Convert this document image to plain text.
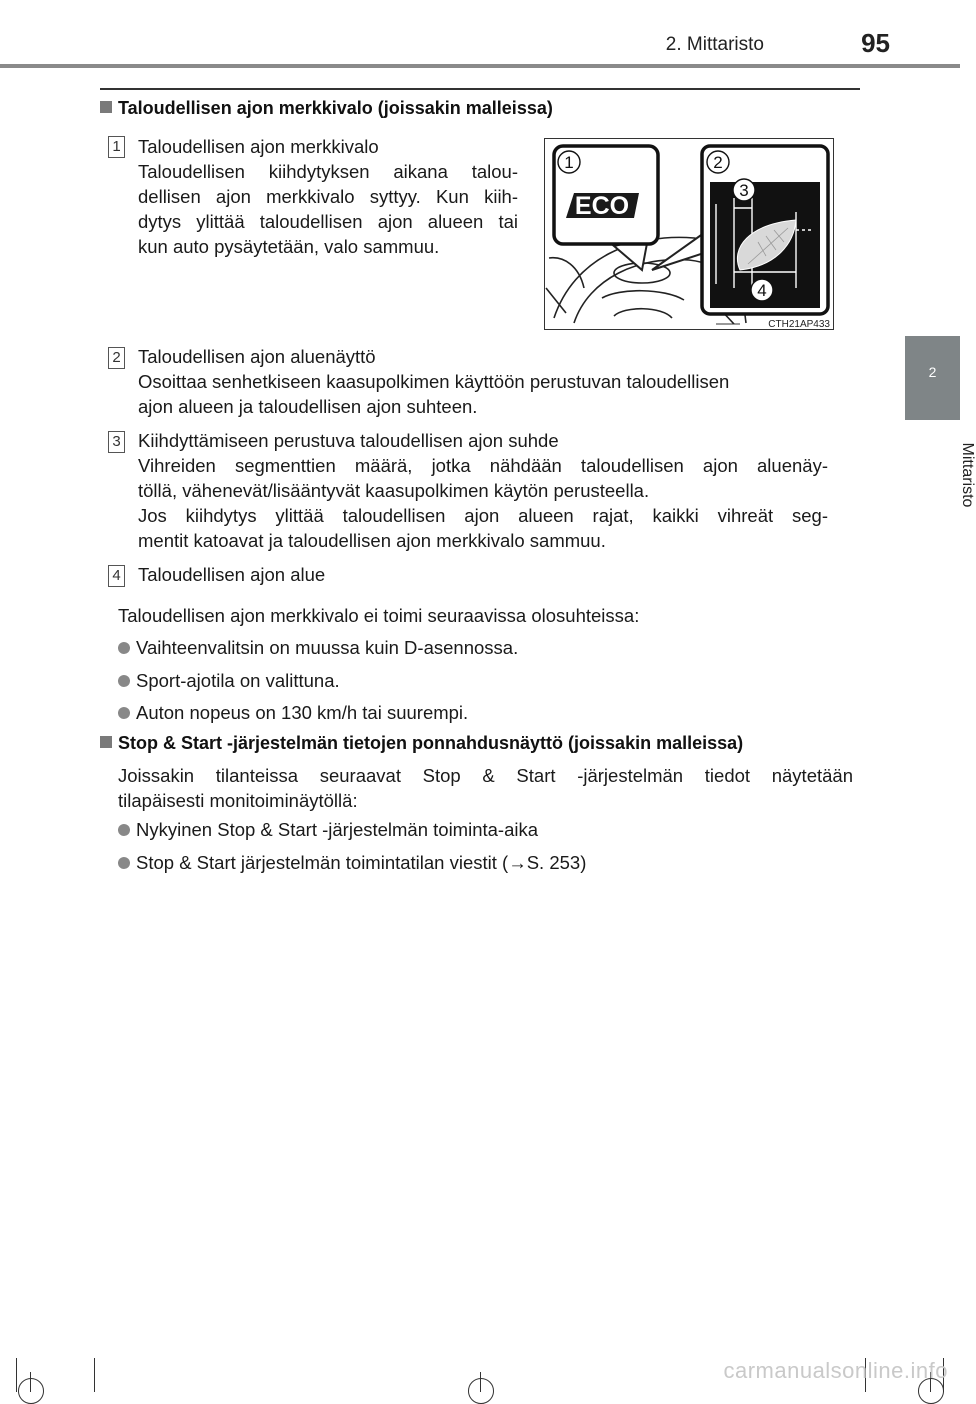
2. Mittaristo	95
2
Mittaristo
Taloudellisen ajon merkkivalo (joissakin malleissa)
1 Taloudellisen ajon merkkivalo

Taloudellisen kiihdytyksen aikana talou-

dellisen ajon merkkivalo syttyy. Kun kiih-

dytys ylittää taloudellisen ajon alueen tai

kun auto pysäytetään, valo sammuu.

ECO
1	2
3
4
CTH21AP433
2 Taloudellisen ajon aluenäyttö

Osoittaa senhetkiseen kaasupolkimen käyttöön perustuvan taloudellisen

ajon alueen ja taloudellisen ajon suhteen.

3 Kiihdyttämiseen perustuva taloudellisen ajon suhde

Vihreiden segmenttien määrä, jotka nähdään taloudellisen ajon aluenäy-

töllä, vähenevät/lisääntyvät kaasupolkimen käytön perusteella.

Jos kiihdytys ylittää taloudellisen ajon alueen rajat, kaikki vihreät seg-

mentit katoavat ja taloudellisen ajon merkkivalo sammuu.

4 Taloudellisen ajon alue

Taloudellisen ajon merkkivalo ei toimi seuraavissa olosuhteissa:
Vaihteenvalitsin on muussa kuin D-asennossa.
Sport-ajotila on valittuna.
Auton nopeus on 130 km/h tai suurempi.
Stop & Start -järjestelmän tietojen ponnahdusnäyttö (joissakin malleissa)
Joissakin tilanteissa seuraavat Stop & Start -järjestelmän tiedot näytetään
tilapäisesti monitoiminäytöllä:
Nykyinen Stop & Start -järjestelmän toiminta-aika
Stop & Start järjestelmän toimintatilan viestit (→S. 253)
carmanualsonline.info
